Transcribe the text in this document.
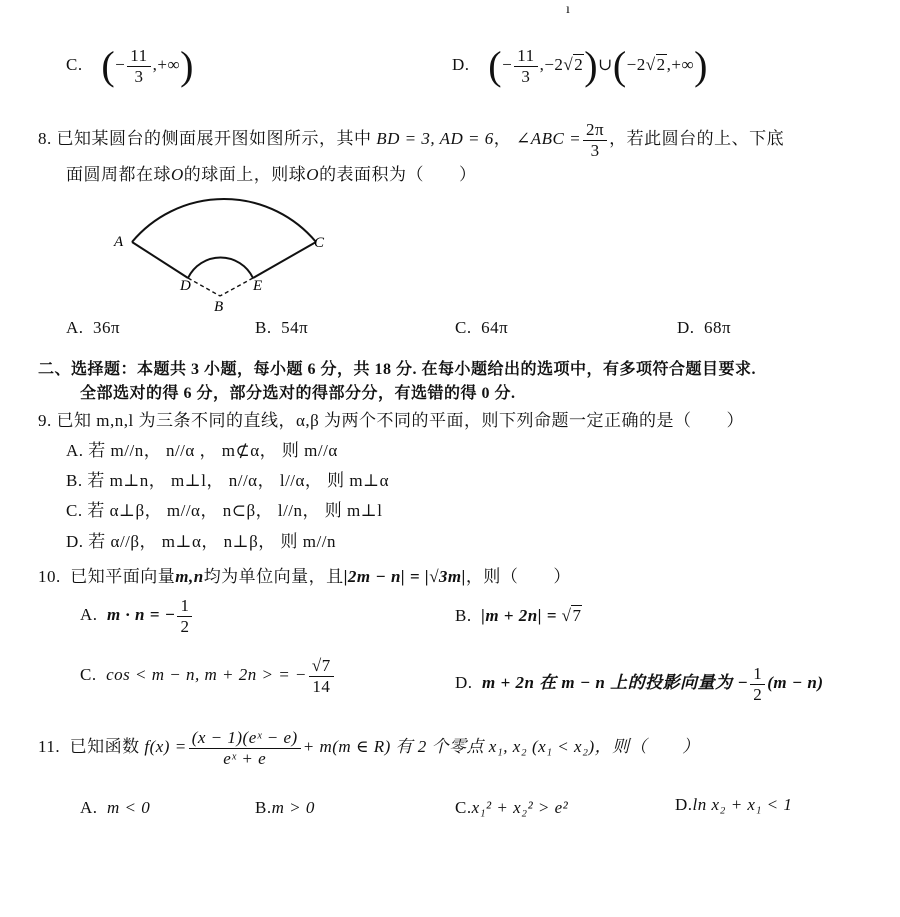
ı
C. (− $\frac{11}{3}$ ,+∞)	D. (− $\frac{11}{3}$ ,−2√2)∪(−2√2,+∞)
8. 已知某圆台的侧面展开图如图所示，其中 BD = 3, AD = 6， ∠ABC = $\frac{2\pi}{3}$ ，若此圆台的上、下底
面圆周都在球O的球面上，则球O的表面积为（　　）
A	C
D	E
B
A. 36π	B. 54π	C. 64π	D. 68π
二、选择题：本题共 3 小题，每小题 6 分，共 18 分. 在每小题给出的选项中，有多项符合题目要求.
全部选对的得 6 分，部分选对的得部分分，有选错的得 0 分.
9. 已知 m,n,l 为三条不同的直线，α,β 为两个不同的平面，则下列命题一定正确的是（　　）
A. 若 m//n， n//α ， m⊄α， 则 m//α
B. 若 m⊥n， m⊥l， n//α， l//α， 则 m⊥α
C. 若 α⊥β， m//α， n⊂β， l//n， 则 m⊥l
D. 若 α//β， m⊥α， n⊥β， 则 m//n
10. 已知平面向量m,n均为单位向量，且|2m − n| = |√3m|，则（　　）
A. m · n = − $\frac{1}{2}$	B. |m + 2n| = √7
C. cos < m − n, m + 2n > = − $\frac{√7}{14}$	D. m + 2n 在 m − n 上的投影向量为 − $\frac{1}{2} (m - n)$
11. 已知函数 $f(x) = \frac{\text{(x − 1)(eˣ − e)}}{\text{eˣ + e}} + m(m$ ∈ R) 有 2 个零点 x₁, x₂ (x₁ < x₂)，则（　　）
A. m < 0	B.m > 0	C.x₁² + x₂² > e²	D.ln x₂ + x₁ < 1
